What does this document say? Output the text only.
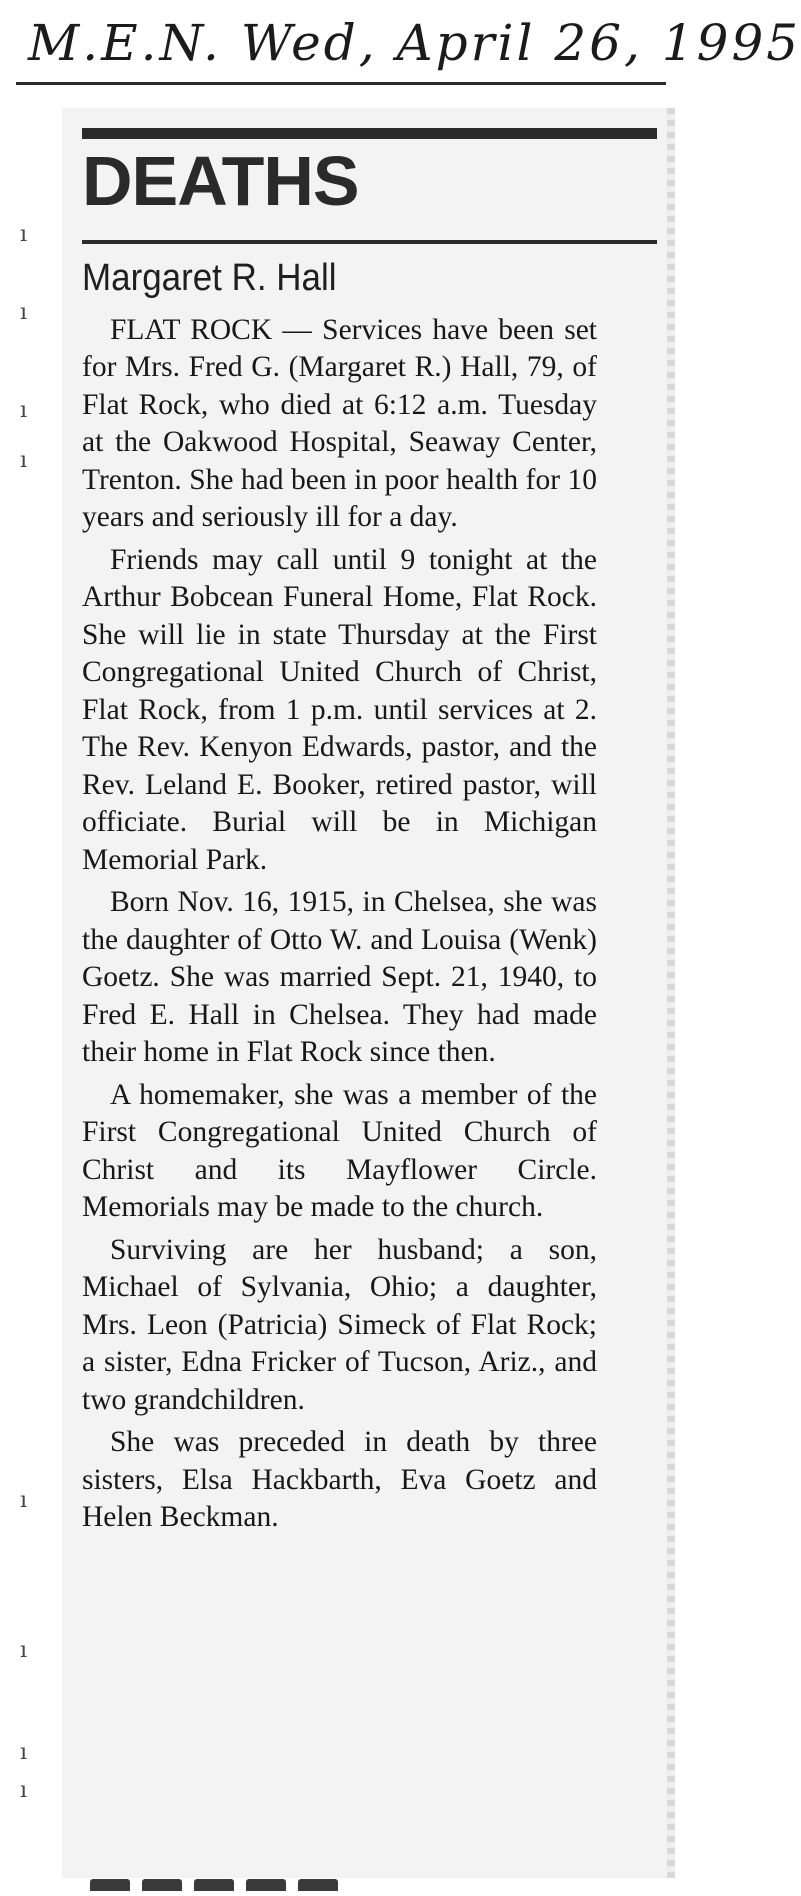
M.E.N. Wed, April 26, 1995
ı
ı
ı
ı
ı
ı
ı
ı
DEATHS
Margaret R. Hall

FLAT ROCK — Services have been set for Mrs. Fred G. (Margaret R.) Hall, 79, of Flat Rock, who died at 6:12 a.m. Tuesday at the Oakwood Hospital, Seaway Center, Trenton. She had been in poor health for 10 years and seriously ill for a day.

Friends may call until 9 tonight at the Arthur Bobcean Funeral Home, Flat Rock. She will lie in state Thursday at the First Congregational United Church of Christ, Flat Rock, from 1 p.m. until services at 2. The Rev. Kenyon Edwards, pastor, and the Rev. Leland E. Booker, retired pastor, will officiate. Burial will be in Michigan Memorial Park.

Born Nov. 16, 1915, in Chelsea, she was the daughter of Otto W. and Louisa (Wenk) Goetz. She was married Sept. 21, 1940, to Fred E. Hall in Chelsea. They had made their home in Flat Rock since then.

A homemaker, she was a member of the First Congregational United Church of Christ and its Mayflower Circle. Memorials may be made to the church.

Surviving are her husband; a son, Michael of Sylvania, Ohio; a daughter, Mrs. Leon (Patricia) Simeck of Flat Rock; a sister, Edna Fricker of Tucson, Ariz., and two grandchildren.

She was preceded in death by three sisters, Elsa Hackbarth, Eva Goetz and Helen Beckman.
